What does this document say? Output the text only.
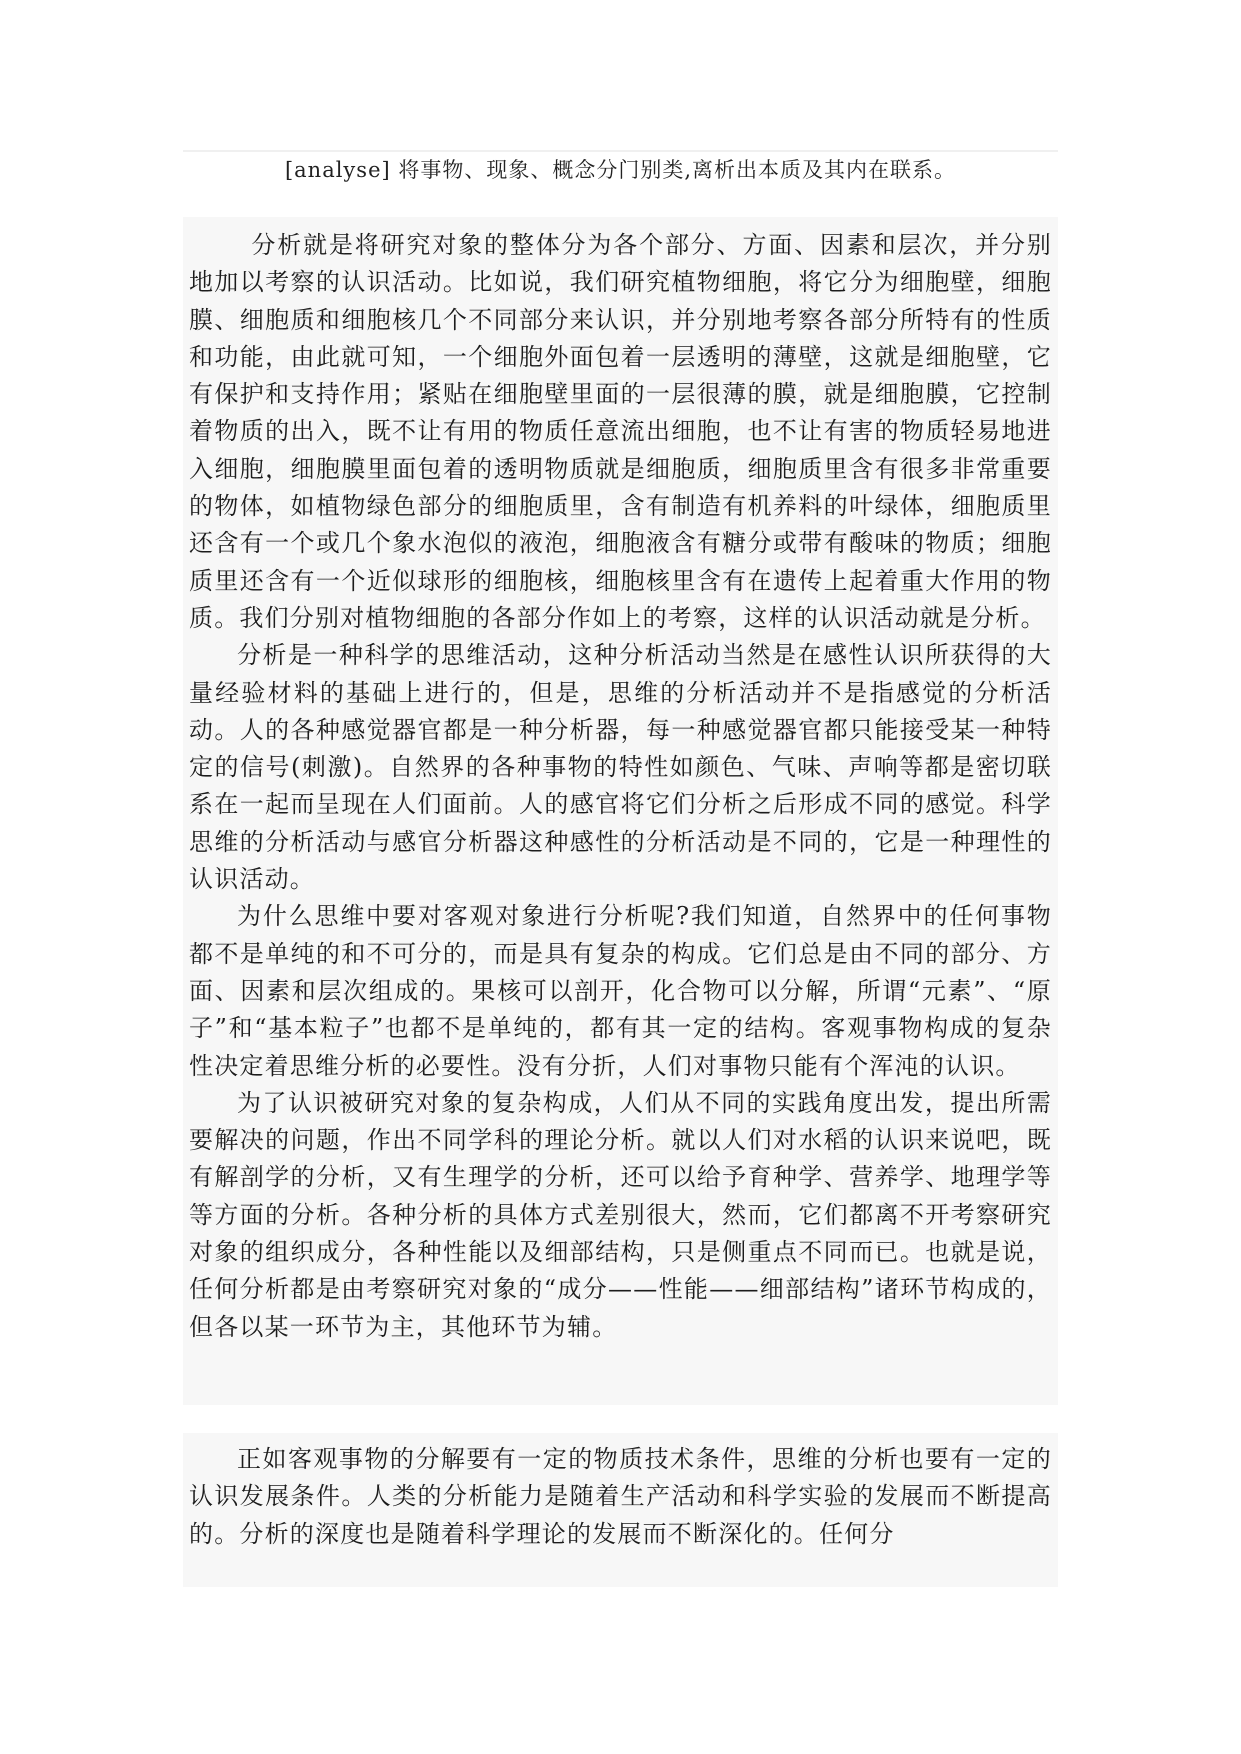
[analyse] 将事物、现象、概念分门别类,离析出本质及其内在联系。

分析就是将研究对象的整体分为各个部分、方面、因素和层次，并分别地加以考察的认识活动。比如说，我们研究植物细胞，将它分为细胞壁，细胞膜、细胞质和细胞核几个不同部分来认识，并分别地考察各部分所特有的性质和功能，由此就可知，一个细胞外面包着一层透明的薄壁，这就是细胞壁，它有保护和支持作用；紧贴在细胞壁里面的一层很薄的膜，就是细胞膜，它控制着物质的出入，既不让有用的物质任意流出细胞，也不让有害的物质轻易地进入细胞，细胞膜里面包着的透明物质就是细胞质，细胞质里含有很多非常重要的物体，如植物绿色部分的细胞质里，含有制造有机养料的叶绿体，细胞质里还含有一个或几个象水泡似的液泡，细胞液含有糖分或带有酸味的物质；细胞质里还含有一个近似球形的细胞核，细胞核里含有在遗传上起着重大作用的物质。我们分别对植物细胞的各部分作如上的考察，这样的认识活动就是分析。

分析是一种科学的思维活动，这种分析活动当然是在感性认识所获得的大量经验材料的基础上进行的，但是，思维的分析活动并不是指感觉的分析活动。人的各种感觉器官都是一种分析器，每一种感觉器官都只能接受某一种特定的信号(刺激)。自然界的各种事物的特性如颜色、气味、声响等都是密切联系在一起而呈现在人们面前。人的感官将它们分析之后形成不同的感觉。科学思维的分析活动与感官分析器这种感性的分析活动是不同的，它是一种理性的认识活动。

为什么思维中要对客观对象进行分析呢?我们知道，自然界中的任何事物都不是单纯的和不可分的，而是具有复杂的构成。它们总是由不同的部分、方面、因素和层次组成的。果核可以剖开，化合物可以分解，所谓“元素”、“原子”和“基本粒子”也都不是单纯的，都有其一定的结构。客观事物构成的复杂性决定着思维分析的必要性。没有分折，人们对事物只能有个浑沌的认识。

为了认识被研究对象的复杂构成，人们从不同的实践角度出发，提出所需要解决的问题，作出不同学科的理论分析。就以人们对水稻的认识来说吧，既有解剖学的分析，又有生理学的分析，还可以给予育种学、营养学、地理学等等方面的分析。各种分析的具体方式差别很大，然而，它们都离不开考察研究对象的组织成分，各种性能以及细部结构，只是侧重点不同而已。也就是说，任何分析都是由考察研究对象的“成分——性能——细部结构”诸环节构成的，但各以某一环节为主，其他环节为辅。

正如客观事物的分解要有一定的物质技术条件，思维的分析也要有一定的认识发展条件。人类的分析能力是随着生产活动和科学实验的发展而不断提高的。分析的深度也是随着科学理论的发展而不断深化的。任何分
